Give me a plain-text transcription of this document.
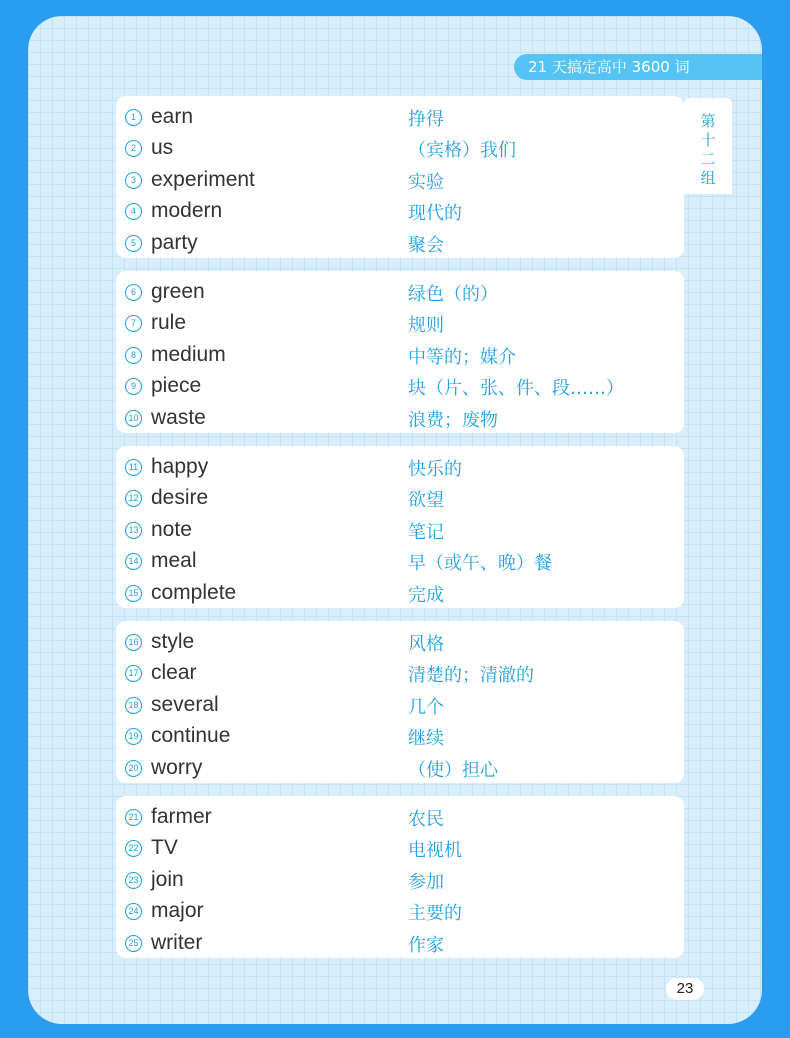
21 天搞定高中 3600 词
第
十
二
组
1 earn	挣得
2 us	（宾格）我们
3 experiment	实验
4 modern	现代的
5 party	聚会
6 green	绿色（的）
7 rule	规则
8 medium	中等的；媒介
9 piece	块（片、张、件、段……）
10 waste	浪费；废物
11 happy	快乐的
12 desire	欲望
13 note	笔记
14 meal	早（或午、晚）餐
15 complete	完成
16 style	风格
17 clear	清楚的；清澈的
18 several	几个
19 continue	继续
20 worry	（使）担心
21 farmer	农民
22 TV	电视机
23 join	参加
24 major	主要的
25 writer	作家
23
